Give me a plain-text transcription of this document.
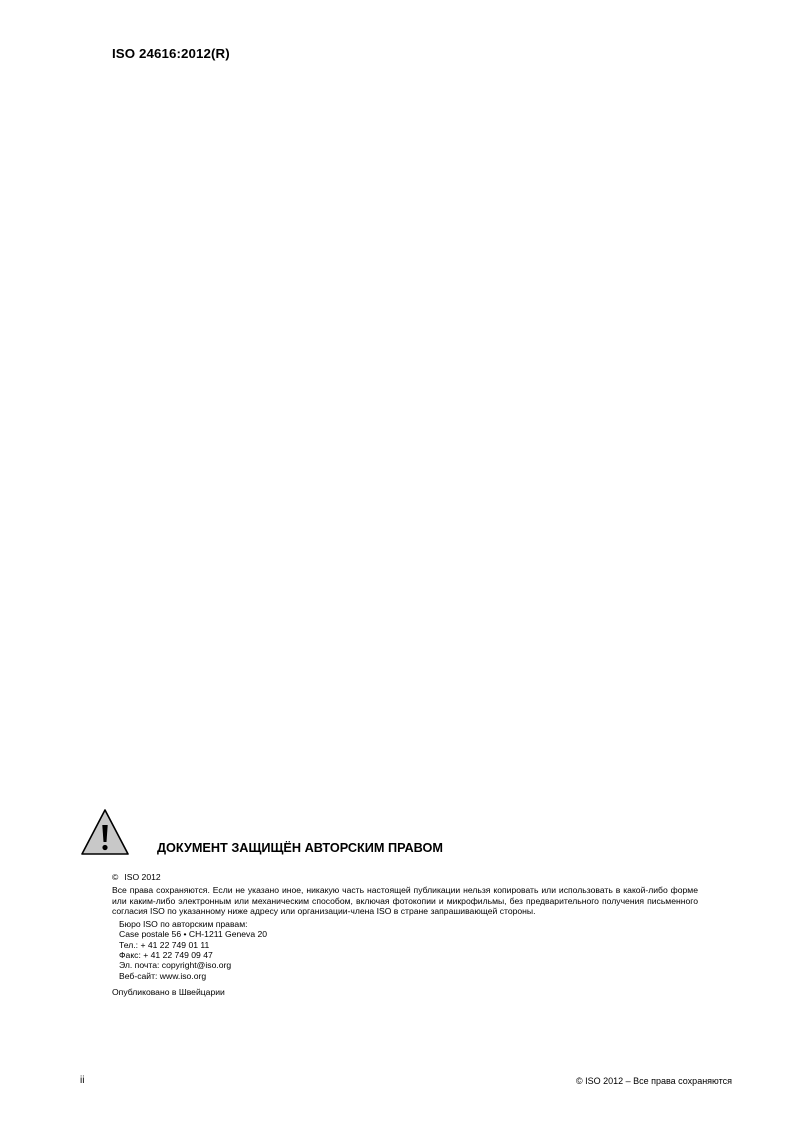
ISO 24616:2012(R)
ДОКУМЕНТ ЗАЩИЩЁН АВТОРСКИМ ПРАВОМ

© ISO 2012

Все права сохраняются. Если не указано иное, никакую часть настоящей публикации нельзя копировать или использовать в какой-либо форме или каким-либо электронным или механическим способом, включая фотокопии и микрофильмы, без предварительного получения письменного согласия ISO по указанному ниже адресу или организации-члена ISO в стране запрашивающей стороны.

Бюро ISO по авторским правам:
Case postale 56 • CH-1211 Geneva 20
Тел.: + 41 22 749 01 11
Факс: + 41 22 749 09 47
Эл. почта: copyright@iso.org
Веб-сайт: www.iso.org

Опубликовано в Швейцарии

ii	© ISO 2012 – Все права сохраняются
